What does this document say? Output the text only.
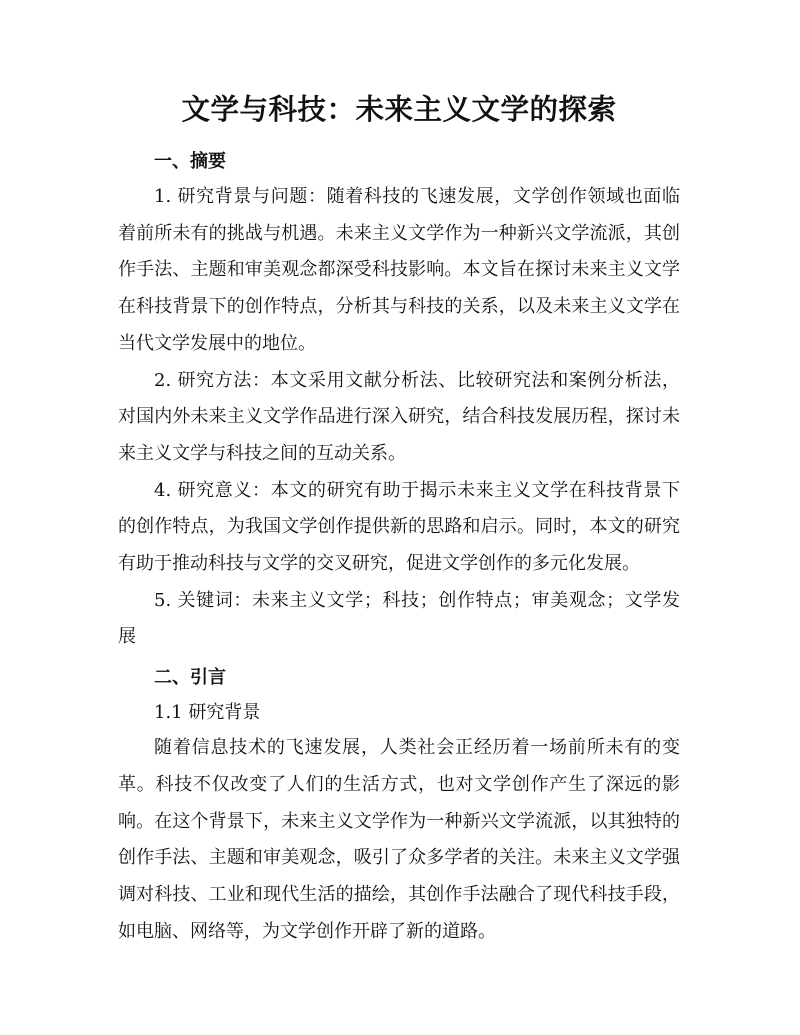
文学与科技：未来主义文学的探索
一、摘要

1. 研究背景与问题：随着科技的飞速发展，文学创作领域也面临着前所未有的挑战与机遇。未来主义文学作为一种新兴文学流派，其创作手法、主题和审美观念都深受科技影响。本文旨在探讨未来主义文学在科技背景下的创作特点，分析其与科技的关系，以及未来主义文学在当代文学发展中的地位。

2. 研究方法：本文采用文献分析法、比较研究法和案例分析法，对国内外未来主义文学作品进行深入研究，结合科技发展历程，探讨未来主义文学与科技之间的互动关系。

4. 研究意义：本文的研究有助于揭示未来主义文学在科技背景下的创作特点，为我国文学创作提供新的思路和启示。同时，本文的研究有助于推动科技与文学的交叉研究，促进文学创作的多元化发展。

5. 关键词：未来主义文学；科技；创作特点；审美观念；文学发展

二、引言

1.1 研究背景

随着信息技术的飞速发展，人类社会正经历着一场前所未有的变革。科技不仅改变了人们的生活方式，也对文学创作产生了深远的影响。在这个背景下，未来主义文学作为一种新兴文学流派，以其独特的创作手法、主题和审美观念，吸引了众多学者的关注。未来主义文学强调对科技、工业和现代生活的描绘，其创作手法融合了现代科技手段，如电脑、网络等，为文学创作开辟了新的道路。
